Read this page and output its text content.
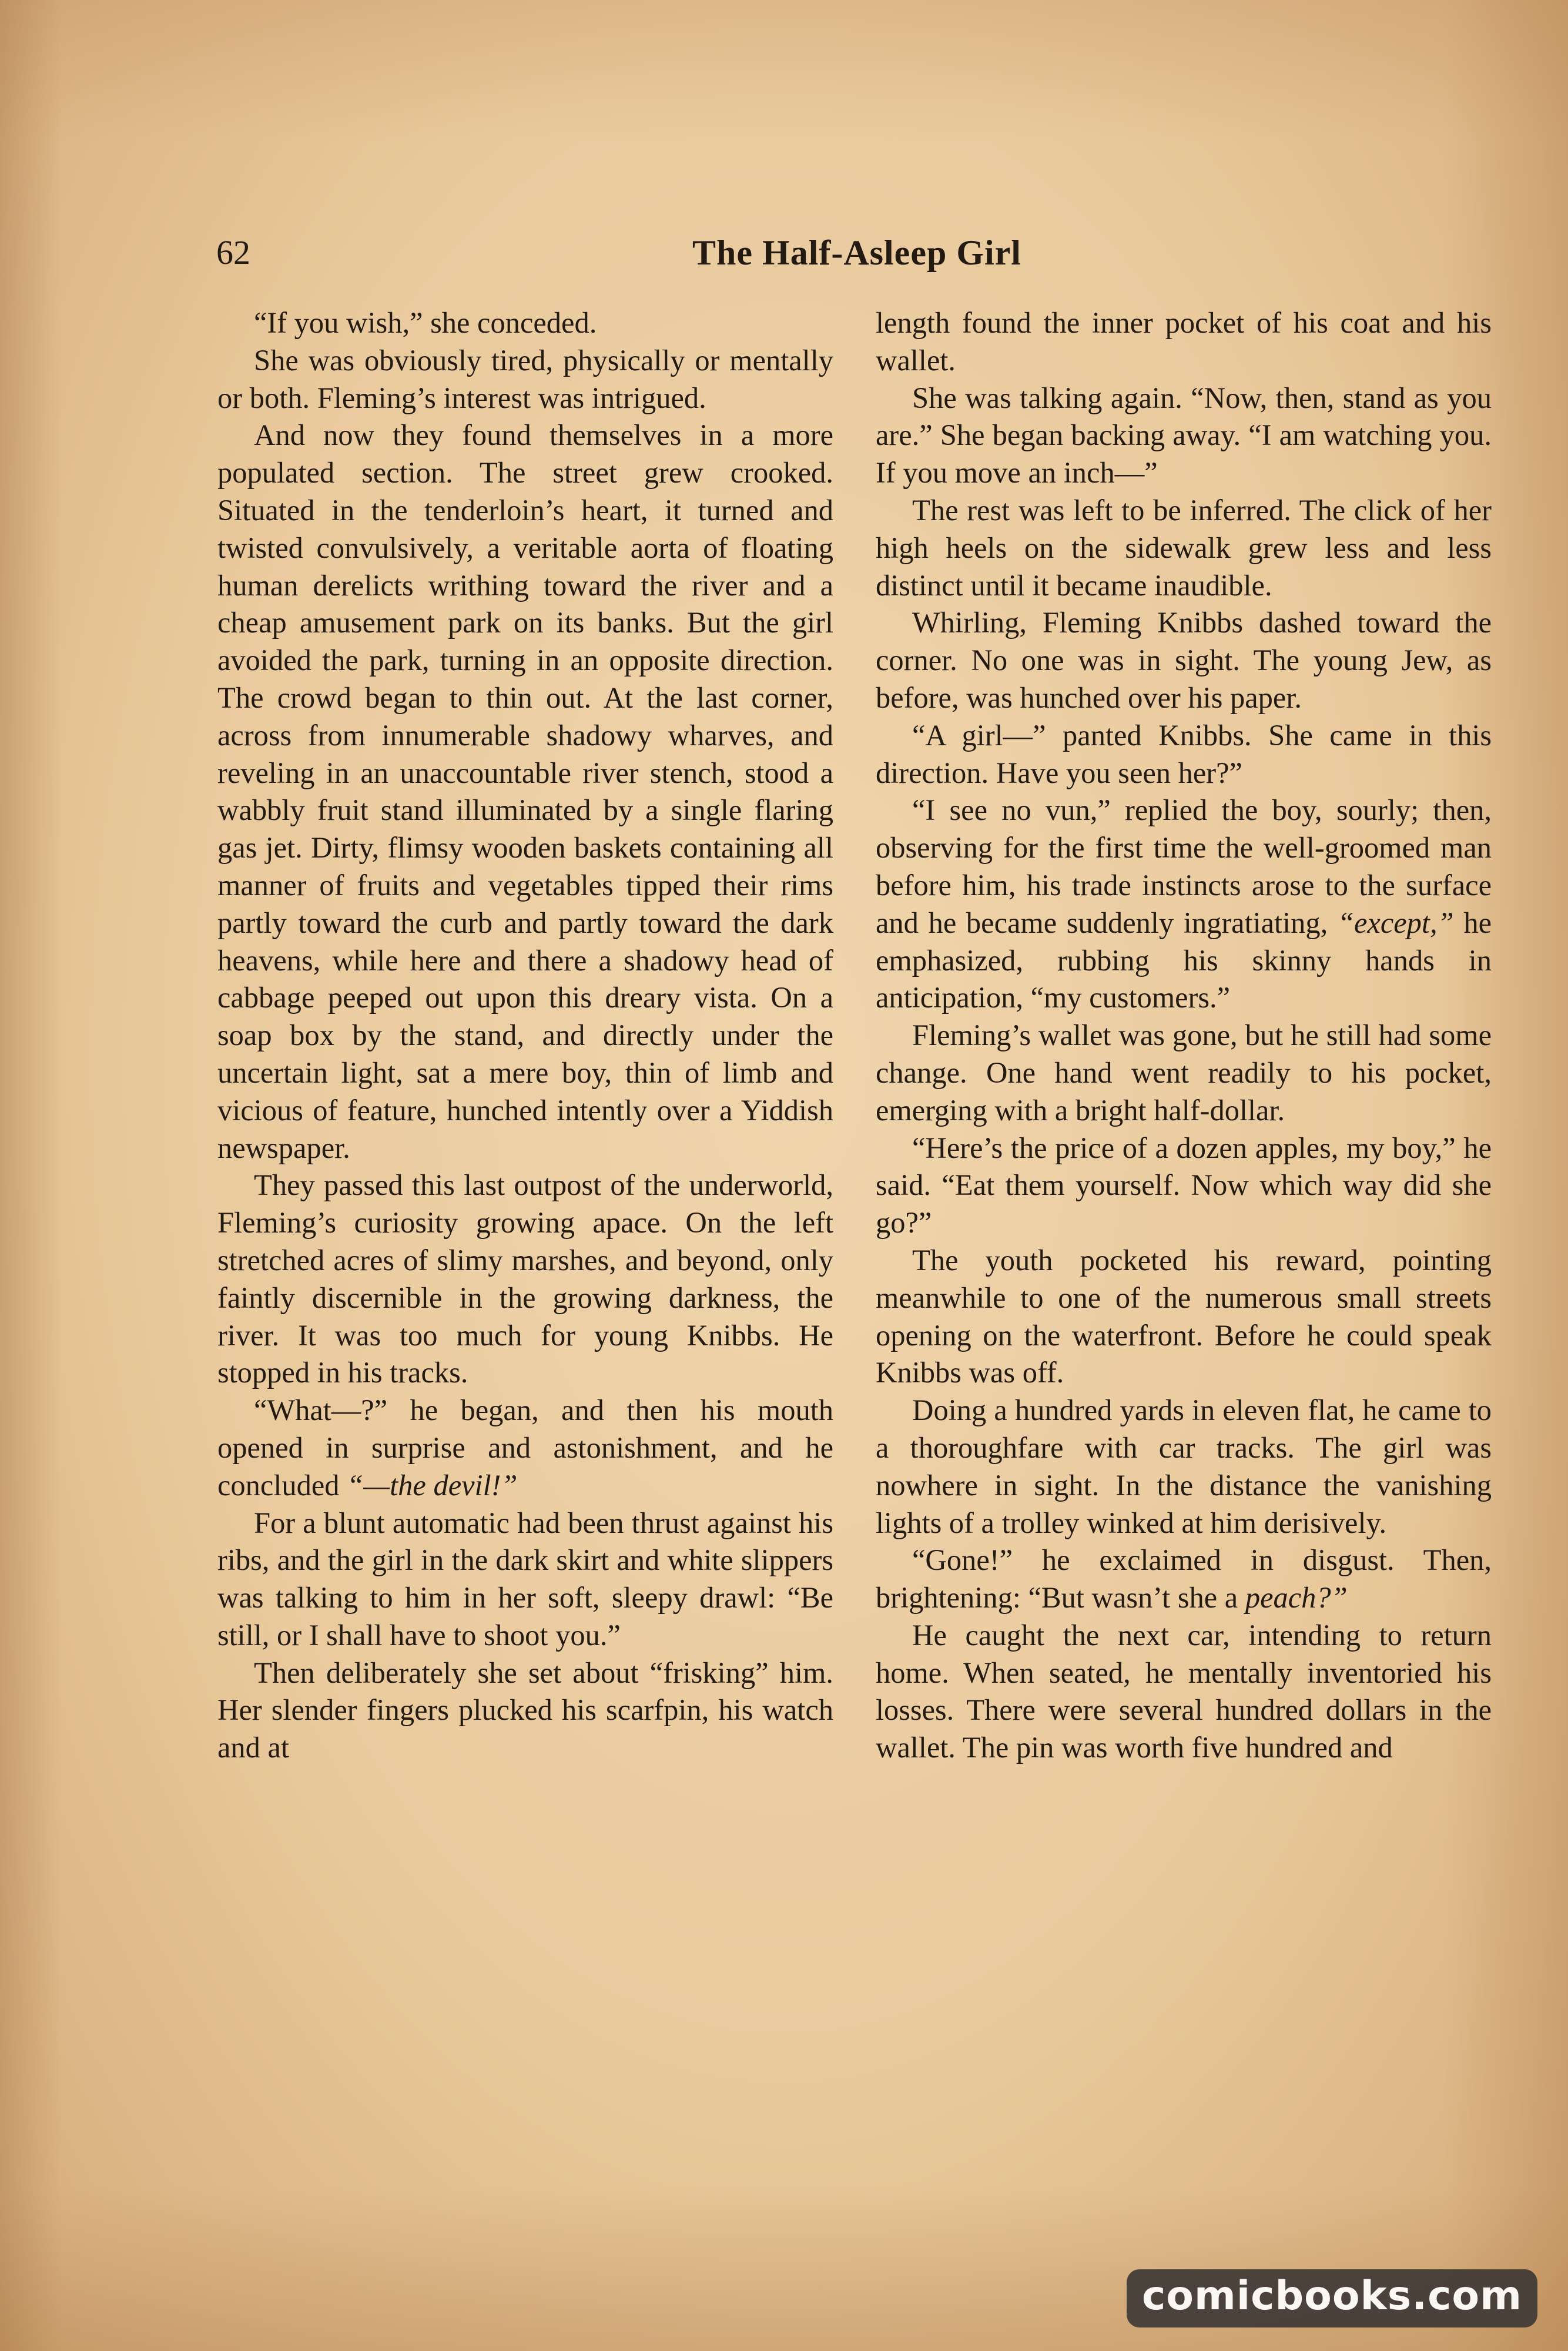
62	The Half-Asleep Girl

“If you wish,” she conceded.

She was obviously tired, physically or mentally or both. Fleming’s interest was intrigued.

And now they found themselves in a more populated section. The street grew crooked. Situated in the tenderloin’s heart, it turned and twisted convulsively, a veritable aorta of floating human derelicts writhing toward the river and a cheap amusement park on its banks. But the girl avoided the park, turning in an opposite direction. The crowd began to thin out. At the last corner, across from innumerable shadowy wharves, and reveling in an unaccountable river stench, stood a wabbly fruit stand illuminated by a single flaring gas jet. Dirty, flimsy wooden baskets containing all manner of fruits and vegetables tipped their rims partly toward the curb and partly toward the dark heavens, while here and there a shadowy head of cabbage peeped out upon this dreary vista. On a soap box by the stand, and directly under the uncertain light, sat a mere boy, thin of limb and vicious of feature, hunched intently over a Yiddish newspaper.

They passed this last outpost of the underworld, Fleming’s curiosity growing apace. On the left stretched acres of slimy marshes, and beyond, only faintly discernible in the growing darkness, the river. It was too much for young Knibbs. He stopped in his tracks.

“What—?” he began, and then his mouth opened in surprise and astonishment, and he concluded “—the devil!”

For a blunt automatic had been thrust against his ribs, and the girl in the dark skirt and white slippers was talking to him in her soft, sleepy drawl: “Be still, or I shall have to shoot you.”

Then deliberately she set about “frisking” him. Her slender fingers plucked his scarfpin, his watch and at

length found the inner pocket of his coat and his wallet.

She was talking again. “Now, then, stand as you are.” She began backing away. “I am watching you. If you move an inch—”

The rest was left to be inferred. The click of her high heels on the sidewalk grew less and less distinct until it became inaudible.

Whirling, Fleming Knibbs dashed toward the corner. No one was in sight. The young Jew, as before, was hunched over his paper.

“A girl—” panted Knibbs. She came in this direction. Have you seen her?”

“I see no vun,” replied the boy, sourly; then, observing for the first time the well-groomed man before him, his trade instincts arose to the surface and he became suddenly ingratiating, “except,” he emphasized, rubbing his skinny hands in anticipation, “my customers.”

Fleming’s wallet was gone, but he still had some change. One hand went readily to his pocket, emerging with a bright half-dollar.

“Here’s the price of a dozen apples, my boy,” he said. “Eat them yourself. Now which way did she go?”

The youth pocketed his reward, pointing meanwhile to one of the numerous small streets opening on the waterfront. Before he could speak Knibbs was off.

Doing a hundred yards in eleven flat, he came to a thoroughfare with car tracks. The girl was nowhere in sight. In the distance the vanishing lights of a trolley winked at him derisively.

“Gone!” he exclaimed in disgust. Then, brightening: “But wasn’t she a peach?”

He caught the next car, intending to return home. When seated, he mentally inventoried his losses. There were several hundred dollars in the wallet. The pin was worth five hundred and

comicbooks.com
